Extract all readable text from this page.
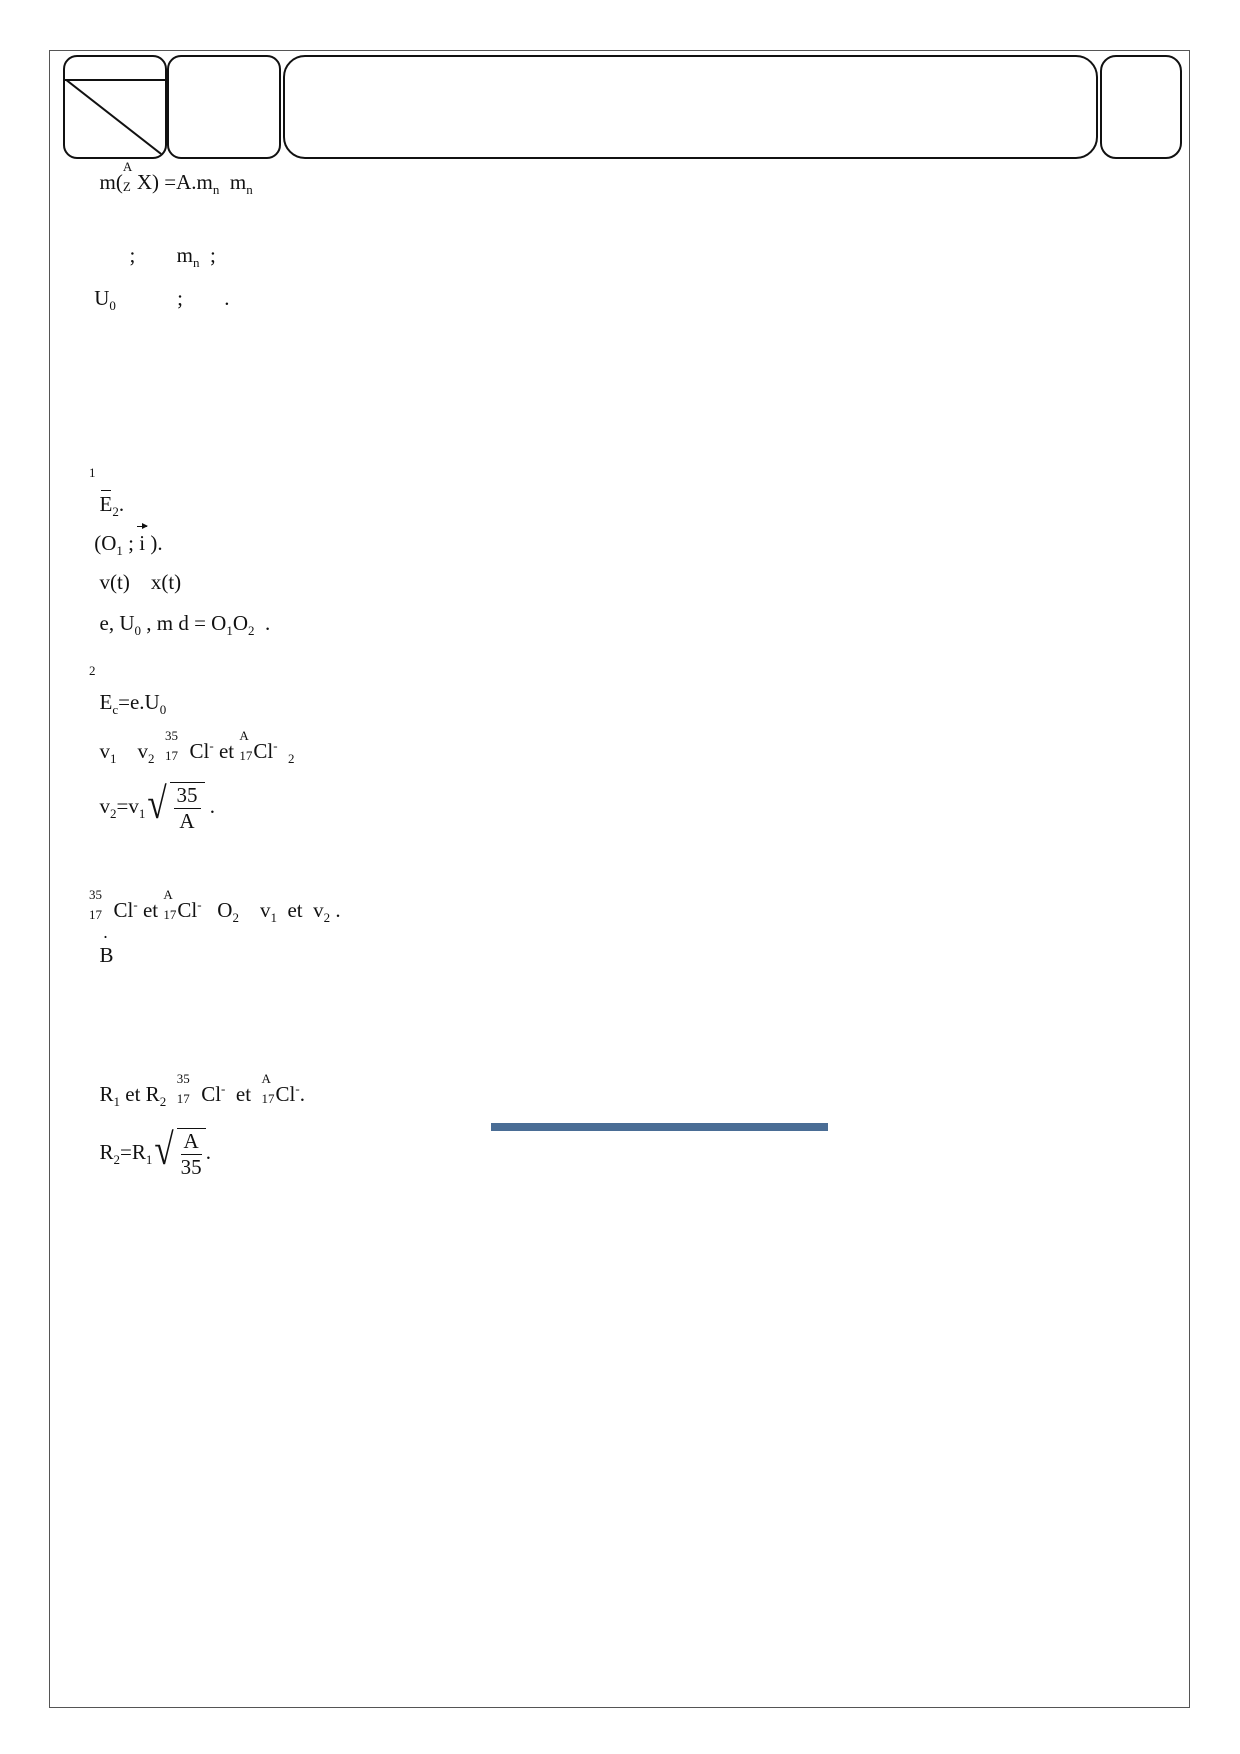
m(
A
Z $X) =A.m_n$ $m_n$
; $m_n$  ;
$U_0$	; .
$_1$
$E_2$.
($O_1$ ; i ).
v(t)    x(t)
e, $U_0$ , m $d = O_1O_2$  .
$_2$
$E_c=e.U_0$
$v_1$    $v_2$
35
17 Cl- et
A
17 Cl-  $_2$
$v_2=v_1$ √ $\frac{35}{A}$ .
35
17 Cl- et
A
17 Cl-   $O_2$    $v_1$  et  $v_2$ .
· B
$R_1$ et $R_2$
35
17 Cl-  et
A
17 Cl-.
$R_2=R_1$ √ $\frac{A}{35}$ .
